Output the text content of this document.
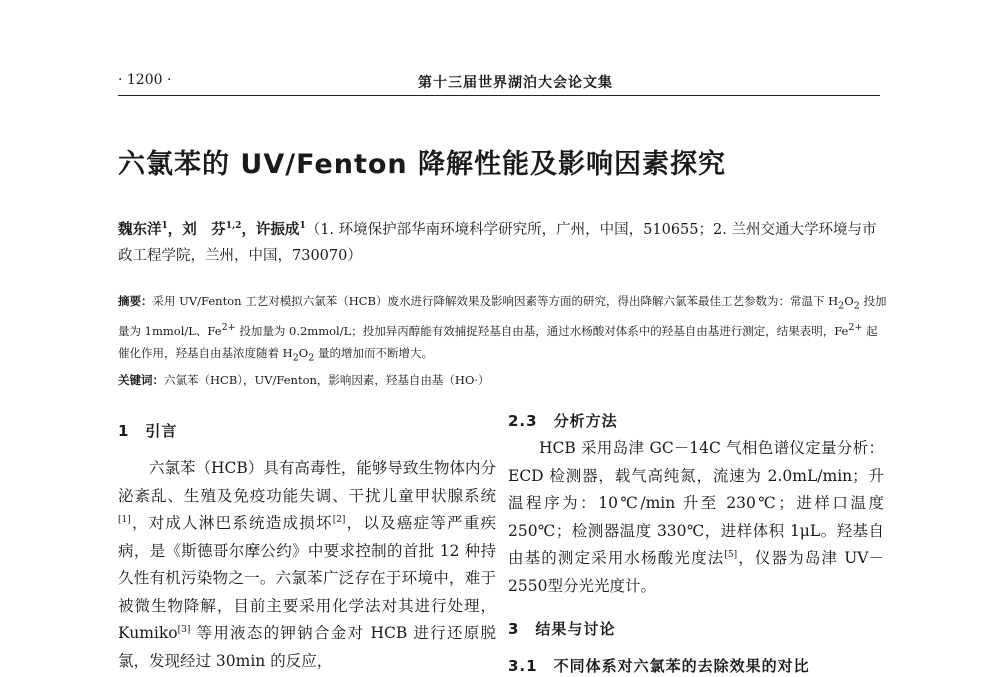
· 1200 ·	第十三届世界湖泊大会论文集
六氯苯的 UV/Fenton 降解性能及影响因素探究
魏东洋$^1$，刘　芬$^{1,2}$，许振成$^1$（1. 环境保护部华南环境科学研究所，广州，中国，510655；2. 兰州交通大学环境与市政工程学院，兰州，中国，730070）
摘要：采用 UV/Fenton 工艺对模拟六氯苯（HCB）废水进行降解效果及影响因素等方面的研究，得出降解六氯苯最佳工艺参数为：常温下 $H_2O_2$ 投加量为 1mmol/L、$Fe^{2+}$ 投加量为 0.2mmol/L；投加异丙醇能有效捕捉羟基自由基，通过水杨酸对体系中的羟基自由基进行测定，结果表明，$Fe^{2+}$ 起催化作用，羟基自由基浓度随着 $H_2O_2$ 量的增加而不断增大。
关键词：六氯苯（HCB），UV/Fenton，影响因素，羟基自由基（HO·）
1　引言

六氯苯（HCB）具有高毒性，能够导致生物体内分泌紊乱、生殖及免疫功能失调、干扰儿童甲状腺系统[1]，对成人淋巴系统造成损坏[2]，以及癌症等严重疾病，是《斯德哥尔摩公约》中要求控制的首批 12 种持久性有机污染物之一。六氯苯广泛存在于环境中，难于被微生物降解，目前主要采用化学法对其进行处理，Kumiko[3] 等用液态的钾钠合金对 HCB 进行还原脱氯，发现经过 30min 的反应，

2.3　分析方法

HCB 采用岛津 GC－14C 气相色谱仪定量分析：ECD 检测器，载气高纯氮，流速为 2.0mL/min；升温程序为：10℃/min 升至 230℃；进样口温度 250℃；检测器温度 330℃，进样体积 1μL。羟基自由基的测定采用水杨酸光度法[5]，仪器为岛津 UV－2550型分光光度计。

3　结果与讨论
3.1　不同体系对六氯苯的去除效果的对比
